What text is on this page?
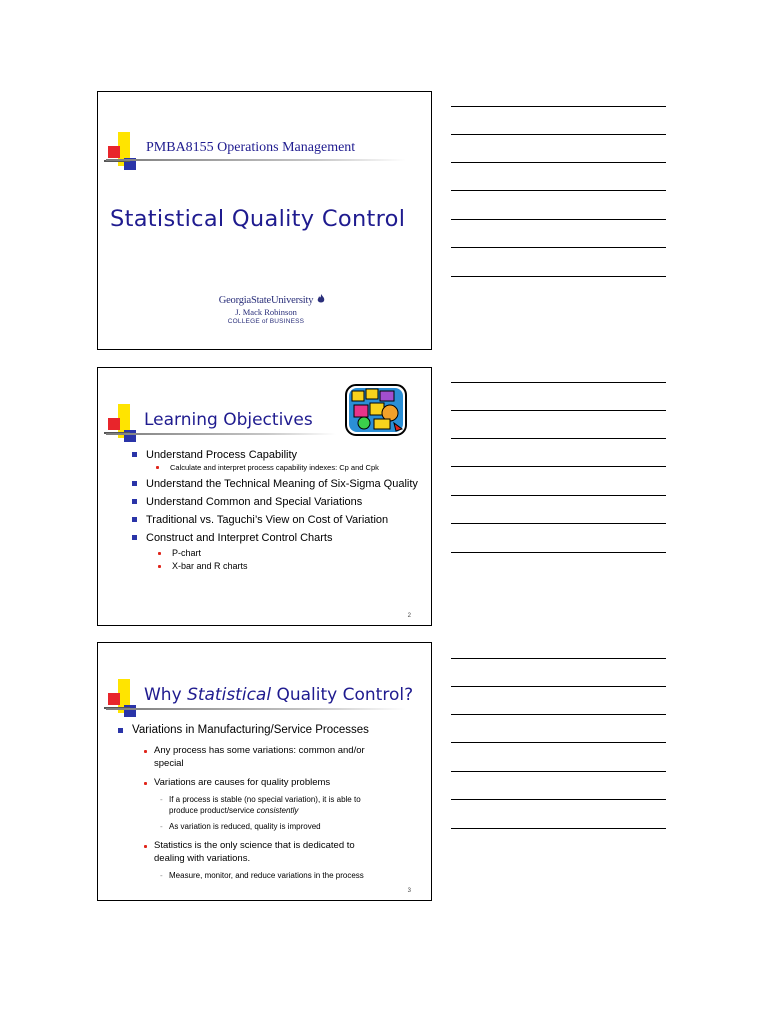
PMBA8155 Operations Management
Statistical Quality Control
GeorgiaStateUniversity
J. Mack Robinson
COLLEGE of BUSINESS
Learning Objectives
Understand Process Capability
Calculate and interpret process capability indexes: Cp and Cpk
Understand the Technical Meaning of Six-Sigma Quality
Understand Common and Special Variations
Traditional vs. Taguchi’s View on Cost of Variation
Construct and Interpret Control Charts
P-chart
X-bar and R charts
2
Why Statistical Quality Control?
Variations in Manufacturing/Service Processes
Any process has some variations: common and/or special
Variations are causes for quality problems
- If a process is stable (no special variation), it is able to produce product/service consistently
- As variation is reduced, quality is improved
Statistics is the only science that is dedicated to dealing with variations.
- Measure, monitor, and reduce variations in the process
3
